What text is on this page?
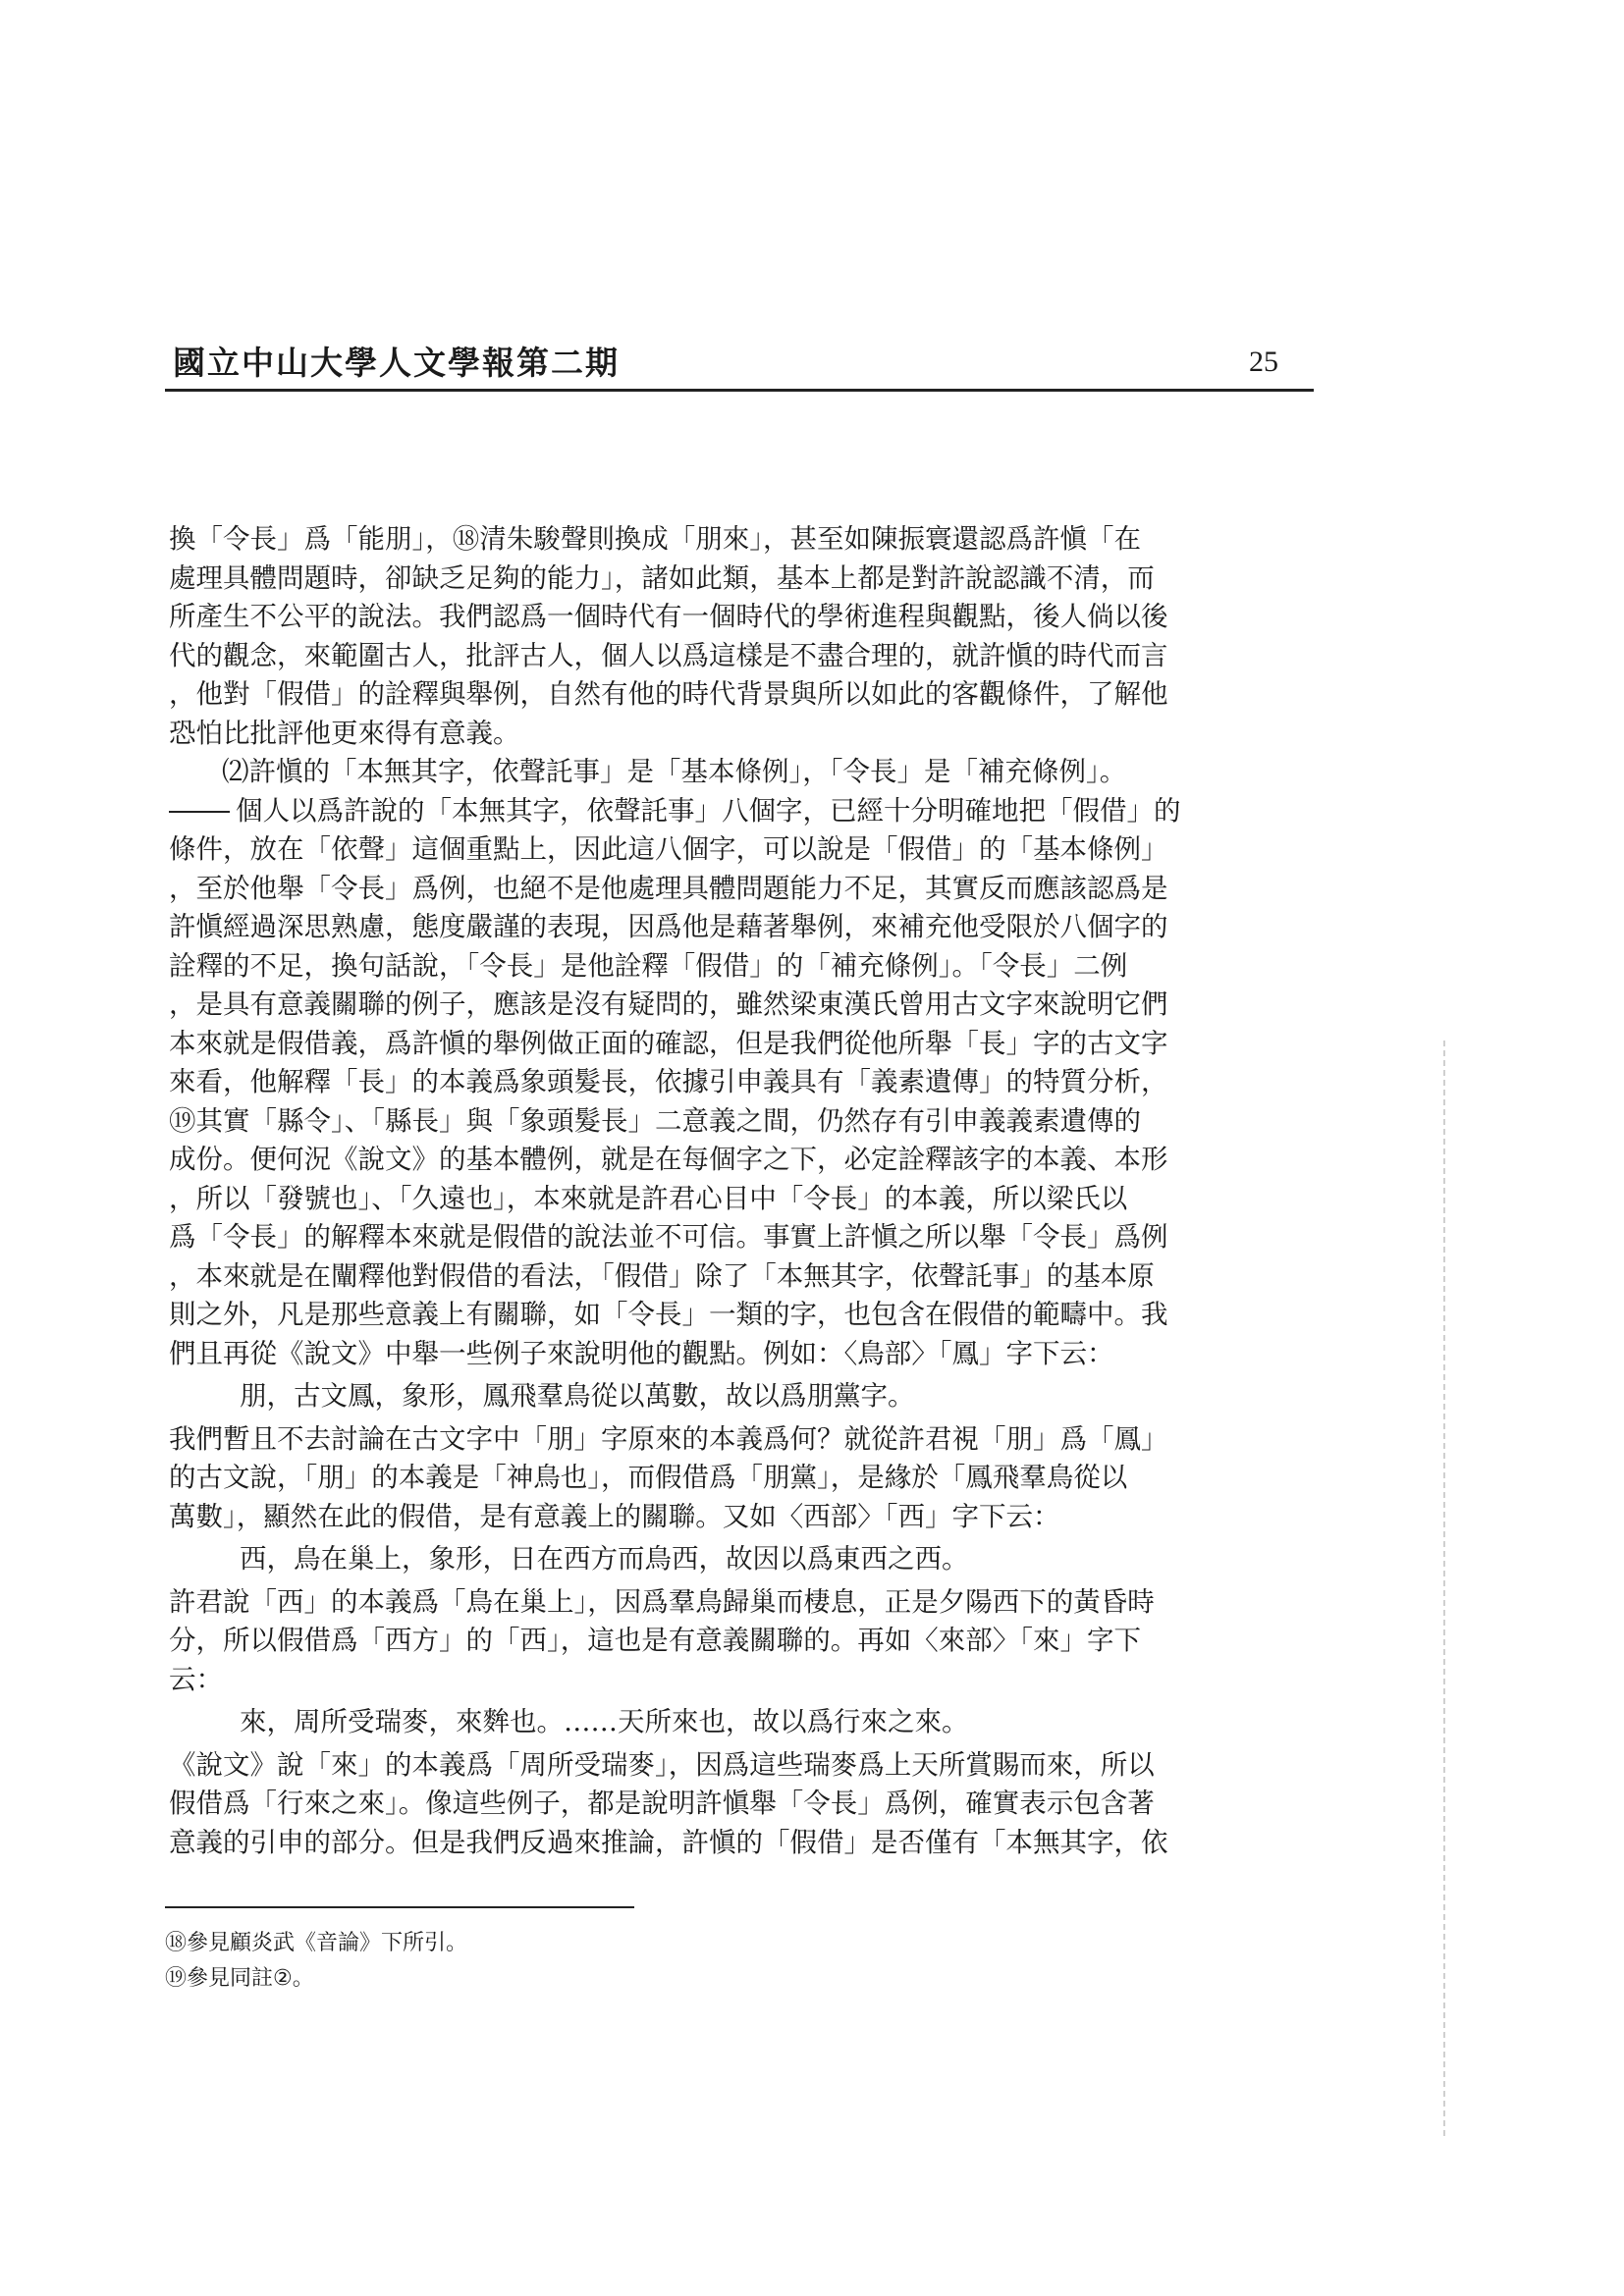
國立中山大學人文學報第二期	25
換「令長」爲「能朋」，⑱清朱駿聲則換成「朋來」，甚至如陳振寰還認爲許愼「在
處理具體問題時，卻缺乏足夠的能力」，諸如此類，基本上都是對許說認識不清，而
所產生不公平的說法。我們認爲一個時代有一個時代的學術進程與觀點，後人倘以後
代的觀念，來範圍古人，批評古人，個人以爲這樣是不盡合理的，就許愼的時代而言
，他對「假借」的詮釋與舉例，自然有他的時代背景與所以如此的客觀條件，了解他
恐怕比批評他更來得有意義。
⑵許愼的「本無其字，依聲託事」是「基本條例」，「令長」是「補充條例」。
個人以爲許說的「本無其字，依聲託事」八個字，已經十分明確地把「假借」的
條件，放在「依聲」這個重點上，因此這八個字，可以說是「假借」的「基本條例」
，至於他舉「令長」爲例，也絕不是他處理具體問題能力不足，其實反而應該認爲是
許愼經過深思熟慮，態度嚴謹的表現，因爲他是藉著舉例，來補充他受限於八個字的
詮釋的不足，換句話說，「令長」是他詮釋「假借」的「補充條例」。「令長」二例
，是具有意義關聯的例子，應該是沒有疑問的，雖然梁東漢氏曾用古文字來說明它們
本來就是假借義，爲許愼的舉例做正面的確認，但是我們從他所舉「長」字的古文字
來看，他解釋「長」的本義爲象頭髮長，依據引申義具有「義素遺傳」的特質分析，
⑲其實「縣令」、「縣長」與「象頭髮長」二意義之間，仍然存有引申義義素遺傳的
成份。便何況《說文》的基本體例，就是在每個字之下，必定詮釋該字的本義、本形
，所以「發號也」、「久遠也」，本來就是許君心目中「令長」的本義，所以梁氏以
爲「令長」的解釋本來就是假借的說法並不可信。事實上許愼之所以舉「令長」爲例
，本來就是在闡釋他對假借的看法，「假借」除了「本無其字，依聲託事」的基本原
則之外，凡是那些意義上有關聯，如「令長」一類的字，也包含在假借的範疇中。我
們且再從《說文》中舉一些例子來說明他的觀點。例如：〈鳥部〉「鳳」字下云：
朋，古文鳳，象形，鳳飛羣鳥從以萬數，故以爲朋黨字。
我們暫且不去討論在古文字中「朋」字原來的本義爲何？就從許君視「朋」爲「鳳」
的古文說，「朋」的本義是「神鳥也」，而假借爲「朋黨」，是緣於「鳳飛羣鳥從以
萬數」，顯然在此的假借，是有意義上的關聯。又如〈西部〉「西」字下云：
西，鳥在巢上，象形，日在西方而鳥西，故因以爲東西之西。
許君說「西」的本義爲「鳥在巢上」，因爲羣鳥歸巢而棲息，正是夕陽西下的黃昏時
分，所以假借爲「西方」的「西」，這也是有意義關聯的。再如〈來部〉「來」字下
云：
來，周所受瑞麥，來麰也。……天所來也，故以爲行來之來。
《說文》說「來」的本義爲「周所受瑞麥」，因爲這些瑞麥爲上天所賞賜而來，所以
假借爲「行來之來」。像這些例子，都是說明許愼舉「令長」爲例，確實表示包含著
意義的引申的部分。但是我們反過來推論，許愼的「假借」是否僅有「本無其字，依
⑱參見顧炎武《音論》下所引。
⑲參見同註②。
